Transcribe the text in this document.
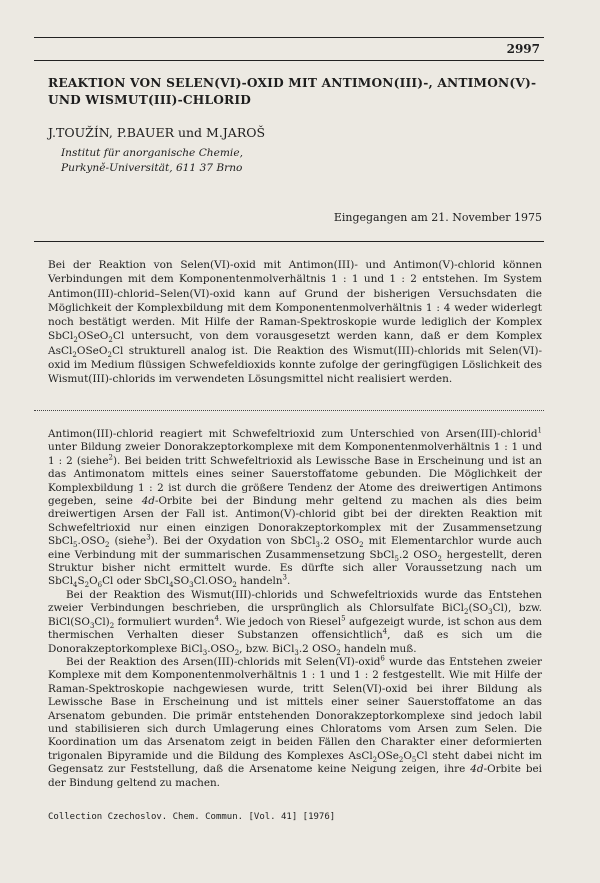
2997
REAKTION VON SELEN(VI)-OXID MIT ANTIMON(III)-, ANTIMON(V)- UND WISMUT(III)-CHLORID
J.TOUŽÍN, P.BAUER und M.JAROŠ
Institut für anorganische Chemie,
Purkyně-Universität, 611 37 Brno
Eingegangen am 21. November 1975
Bei der Reaktion von Selen(VI)-oxid mit Antimon(III)- und Antimon(V)-chlorid können Verbindungen mit dem Komponentenmolverhältnis 1 : 1 und 1 : 2 entstehen. Im System Antimon(III)-chlorid–Selen(VI)-oxid kann auf Grund der bisherigen Versuchsdaten die Möglichkeit der Komplexbildung mit dem Komponentenmolverhältnis 1 : 4 weder widerlegt noch bestätigt werden. Mit Hilfe der Raman-Spektroskopie wurde lediglich der Komplex SbCl$_2$OSeO$_2$Cl untersucht, von dem vorausgesetzt werden kann, daß er dem Komplex AsCl$_2$OSeO$_2$Cl strukturell analog ist. Die Reaktion des Wismut(III)-chlorids mit Selen(VI)-oxid im Medium flüssigen Schwefeldioxids konnte zufolge der geringfügigen Löslichkeit des Wismut(III)-chlorids im verwendeten Lösungsmittel nicht realisiert werden.

Antimon(III)-chlorid reagiert mit Schwefeltrioxid zum Unterschied von Arsen(III)-chlorid$^1$ unter Bildung zweier Donorakzeptorkomplexe mit dem Komponentenmolverhältnis 1 : 1 und 1 : 2 (siehe$^2$). Bei beiden tritt Schwefeltrioxid als Lewissche Base in Erscheinung und ist an das Antimonatom mittels eines seiner Sauerstoffatome gebunden. Die Möglichkeit der Komplexbildung 1 : 2 ist durch die größere Tendenz der Atome des dreiwertigen Antimons gegeben, seine 4d-Orbite bei der Bindung mehr geltend zu machen als dies beim dreiwertigen Arsen der Fall ist. Antimon(V)-chlorid gibt bei der direkten Reaktion mit Schwefeltrioxid nur einen einzigen Donorakzeptorkomplex mit der Zusammensetzung $SbCl_5.OSO_2$ (siehe$^3$). Bei der Oxydation von SbCl$_3$.2 $OSO_2$ mit Elementarchlor wurde auch eine Verbindung mit der summarischen Zusammensetzung SbCl$_5$.2 $OSO_2$ hergestellt, deren Struktur bisher nicht ermittelt wurde. Es dürfte sich aller Voraussetzung nach um $SbCl_4S_2O_6Cl$ oder $SbCl_4SO_3Cl.OSO_2$ handeln$^3$.

Bei der Reaktion des Wismut(III)-chlorids und Schwefeltrioxids wurde das Entstehen zweier Verbindungen beschrieben, die ursprünglich als Chlorsulfate $BiCl_2(SO_3Cl)$, bzw. $BiCl(SO_3Cl)_2$ formuliert wurden$^4$. Wie jedoch von Riesel$^5$ aufgezeigt wurde, ist schon aus dem thermischen Verhalten dieser Substanzen offensichtlich$^4$, daß es sich um die Donorakzeptorkomplexe $BiCl_3.OSO_2$, bzw. BiCl$_3$.2 $OSO_2$ handeln muß.

Bei der Reaktion des Arsen(III)-chlorids mit Selen(VI)-oxid$^6$ wurde das Entstehen zweier Komplexe mit dem Komponentenmolverhältnis 1 : 1 und 1 : 2 festgestellt. Wie mit Hilfe der Raman-Spektroskopie nachgewiesen wurde, tritt Selen(VI)-oxid bei ihrer Bildung als Lewissche Base in Erscheinung und ist mittels einer seiner Sauerstoffatome an das Arsenatom gebunden. Die primär entstehenden Donorakzeptorkomplexe sind jedoch labil und stabilisieren sich durch Umlagerung eines Chloratoms vom Arsen zum Selen. Die Koordination um das Arsenatom zeigt in beiden Fällen den Charakter einer deformierten trigonalen Bipyramide und die Bildung des Komplexes $AsCl_2OSe_2O_5Cl$ steht dabei nicht im Gegensatz zur Feststellung, daß die Arsenatome keine Neigung zeigen, ihre 4d-Orbite bei der Bindung geltend zu machen.

Collection Czechoslov. Chem. Commun. [Vol. 41] [1976]
